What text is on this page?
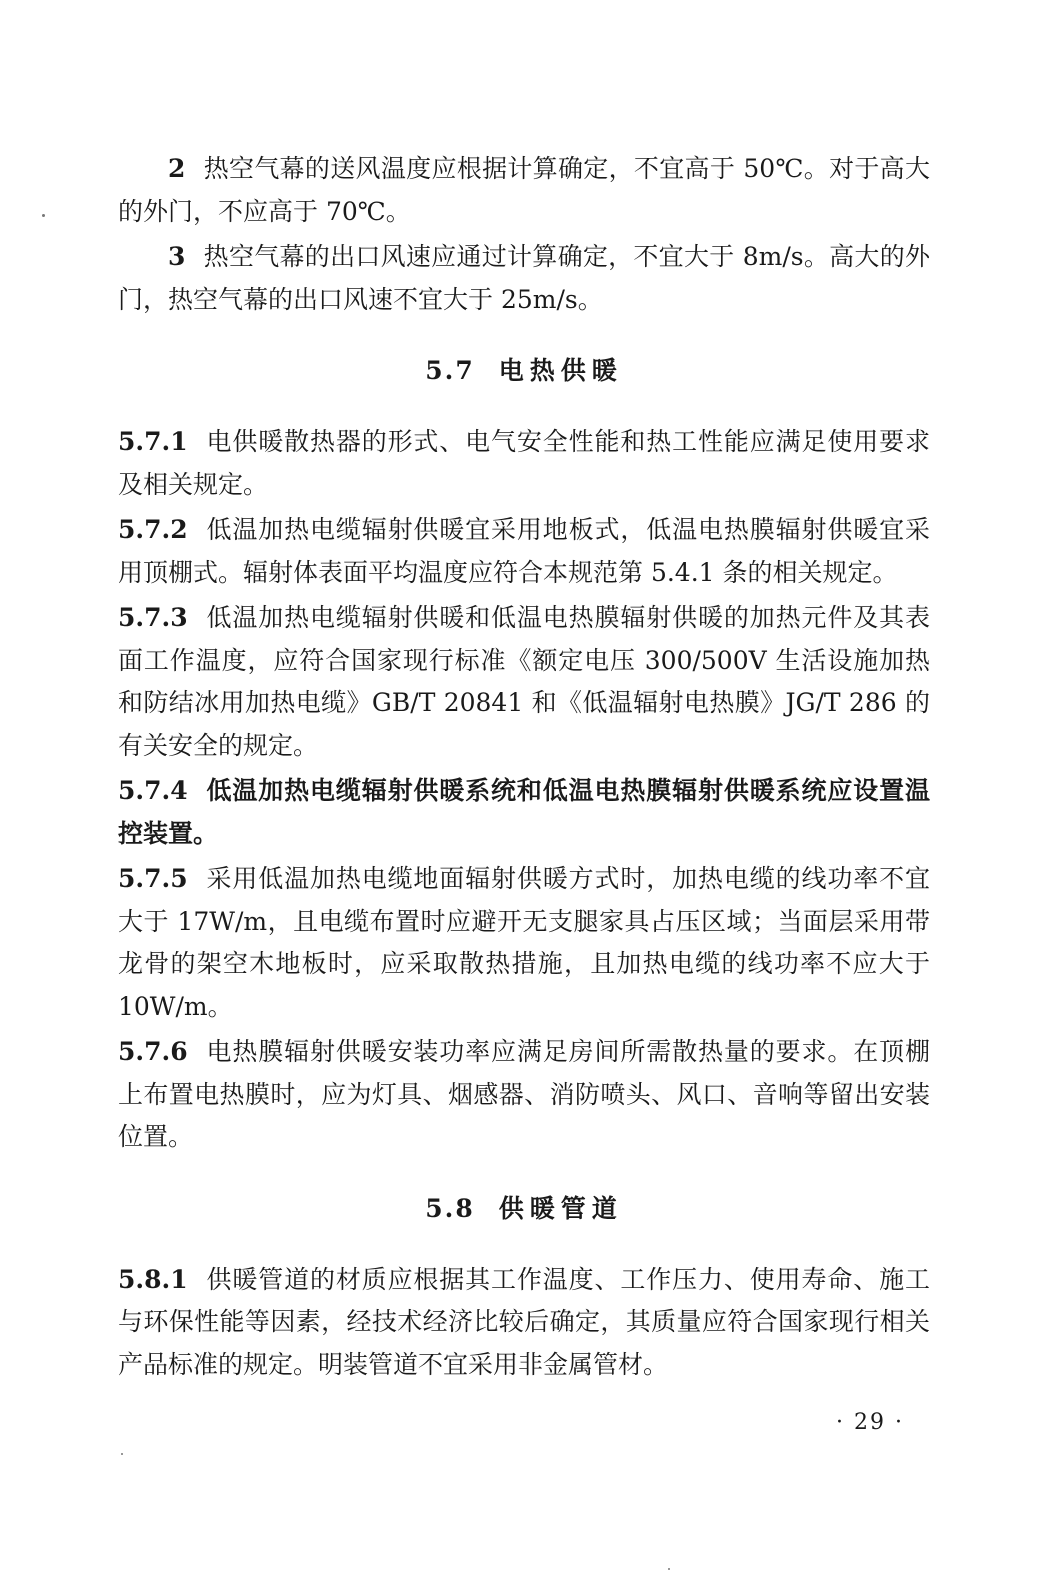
2 热空气幕的送风温度应根据计算确定，不宜高于 50℃。对于高大的外门，不应高于 70℃。

3 热空气幕的出口风速应通过计算确定，不宜大于 8m/s。高大的外门，热空气幕的出口风速不宜大于 25m/s。

5.7 电热供暖

5.7.1 电供暖散热器的形式、电气安全性能和热工性能应满足使用要求及相关规定。

5.7.2 低温加热电缆辐射供暖宜采用地板式，低温电热膜辐射供暖宜采用顶棚式。辐射体表面平均温度应符合本规范第 5.4.1 条的相关规定。

5.7.3 低温加热电缆辐射供暖和低温电热膜辐射供暖的加热元件及其表面工作温度，应符合国家现行标准《额定电压 300/500V 生活设施加热和防结冰用加热电缆》GB/T 20841 和《低温辐射电热膜》JG/T 286 的有关安全的规定。

5.7.4 低温加热电缆辐射供暖系统和低温电热膜辐射供暖系统应设置温控装置。

5.7.5 采用低温加热电缆地面辐射供暖方式时，加热电缆的线功率不宜大于 17W/m，且电缆布置时应避开无支腿家具占压区域；当面层采用带龙骨的架空木地板时，应采取散热措施，且加热电缆的线功率不应大于 10W/m。

5.7.6 电热膜辐射供暖安装功率应满足房间所需散热量的要求。在顶棚上布置电热膜时，应为灯具、烟感器、消防喷头、风口、音响等留出安装位置。

5.8 供暖管道

5.8.1 供暖管道的材质应根据其工作温度、工作压力、使用寿命、施工与环保性能等因素，经技术经济比较后确定，其质量应符合国家现行相关产品标准的规定。明装管道不宜采用非金属管材。

· 29 ·
